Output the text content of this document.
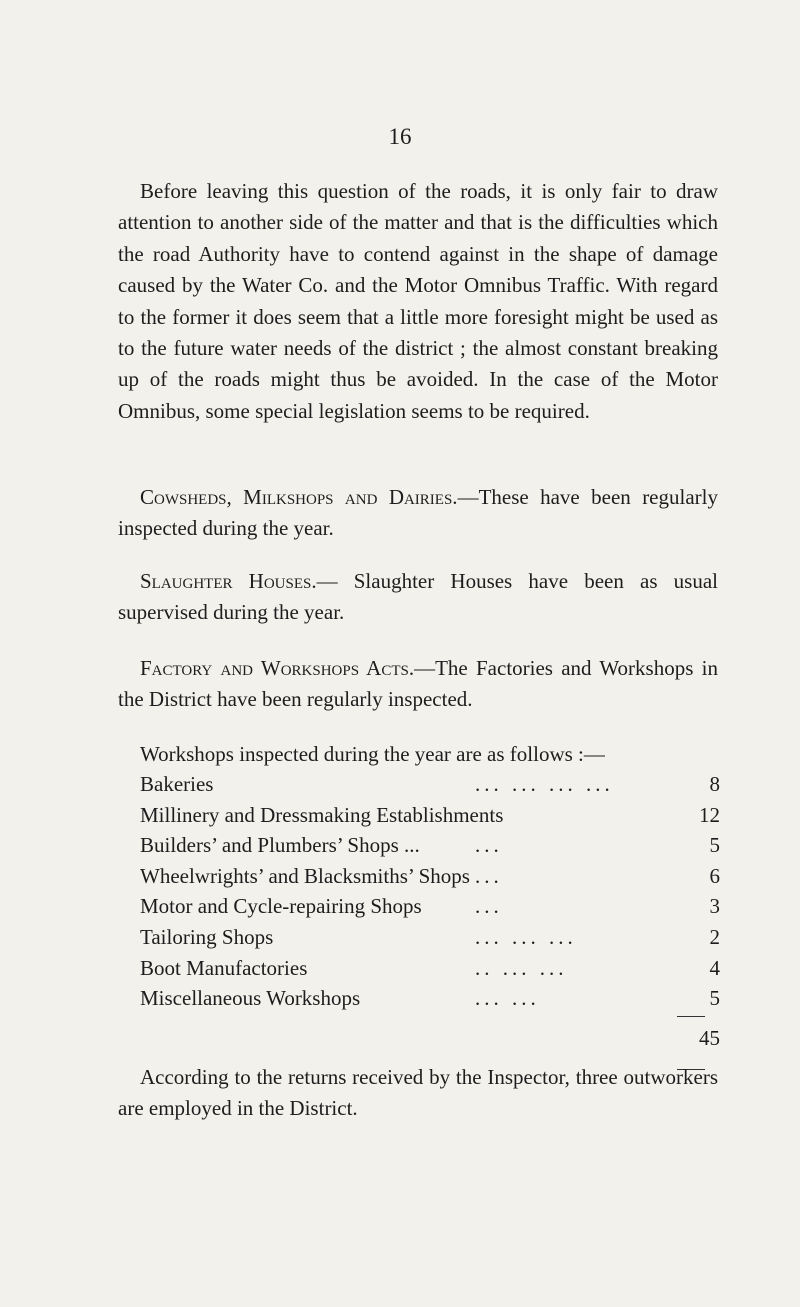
16

Before leaving this question of the roads, it is only fair to draw attention to another side of the matter and that is the difficulties which the road Authority have to contend against in the shape of damage caused by the Water Co. and the Motor Omnibus Traffic. With regard to the former it does seem that a little more foresight might be used as to the future water needs of the district ; the almost constant breaking up of the roads might thus be avoided. In the case of the Motor Omnibus, some special legislation seems to be required.

Cowsheds, Milkshops and Dairies.—These have been regularly inspected during the year.

Slaughter Houses.— Slaughter Houses have been as usual supervised during the year.

Factory and Workshops Acts.—The Factories and Workshops in the District have been regularly inspected.

Workshops inspected during the year are as follows :—
Bakeries	... ... ... ...	8
Millinery and Dressmaking Establishments	12
Builders’ and Plumbers’ Shops ...	...	5
Wheelwrights’ and Blacksmiths’ Shops ...	6
Motor and Cycle-repairing Shops	...	3
Tailoring Shops	... ... ...	2
Boot Manufactories	.. ... ...	4
Miscellaneous Workshops	... ...	5
45

According to the returns received by the Inspector, three outworkers are employed in the District.
